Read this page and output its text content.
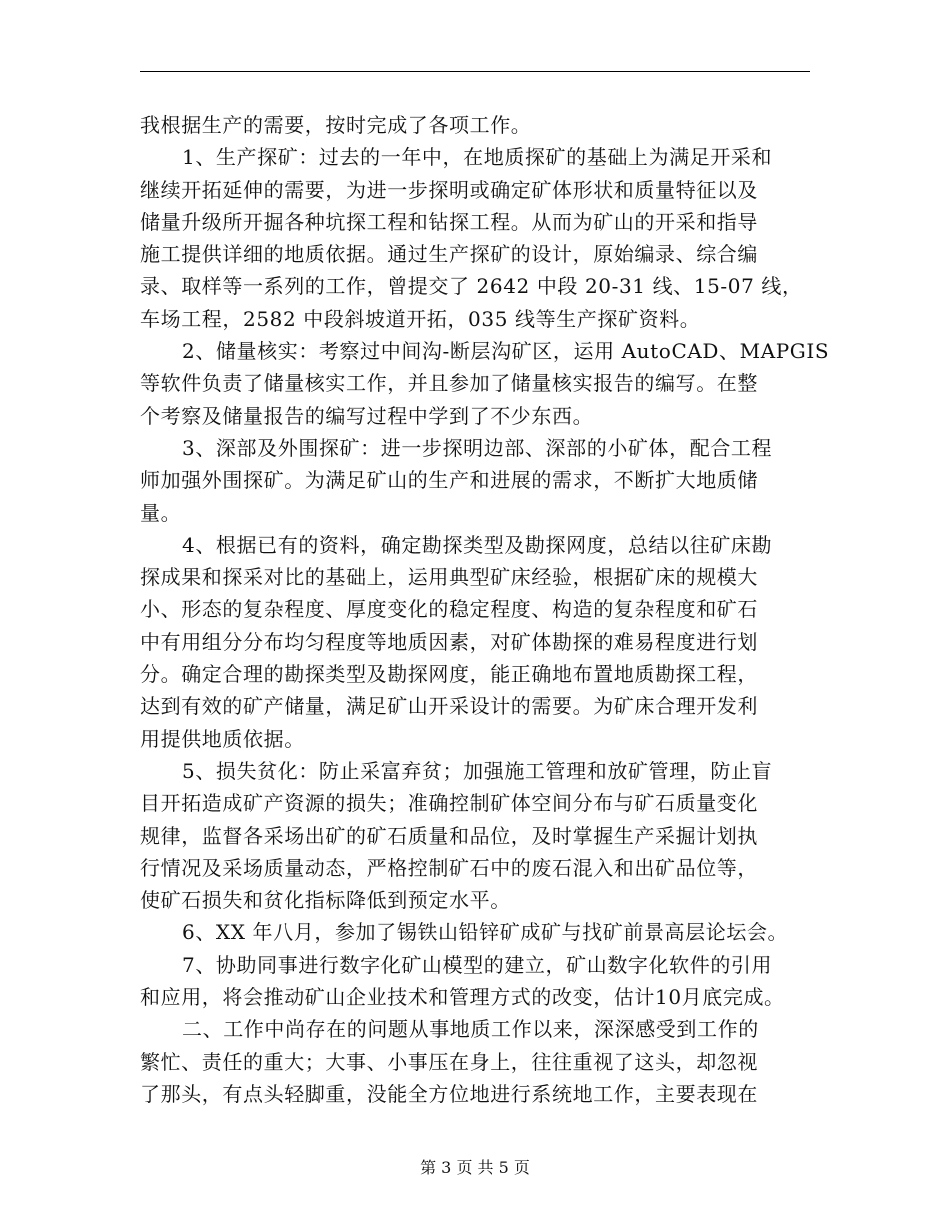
我根据生产的需要，按时完成了各项工作。
1、生产探矿：过去的一年中，在地质探矿的基础上为满足开采和
继续开拓延伸的需要，为进一步探明或确定矿体形状和质量特征以及
储量升级所开掘各种坑探工程和钻探工程。从而为矿山的开采和指导
施工提供详细的地质依据。通过生产探矿的设计，原始编录、综合编
录、取样等一系列的工作，曾提交了 2642 中段 20-31 线、15-07 线，
车场工程，2582 中段斜坡道开拓，035 线等生产探矿资料。
2、储量核实：考察过中间沟-断层沟矿区，运用 AutoCAD、MAPGIS
等软件负责了储量核实工作，并且参加了储量核实报告的编写。在整
个考察及储量报告的编写过程中学到了不少东西。
3、深部及外围探矿：进一步探明边部、深部的小矿体，配合工程
师加强外围探矿。为满足矿山的生产和进展的需求，不断扩大地质储
量。
4、根据已有的资料，确定勘探类型及勘探网度，总结以往矿床勘
探成果和探采对比的基础上，运用典型矿床经验，根据矿床的规模大
小、形态的复杂程度、厚度变化的稳定程度、构造的复杂程度和矿石
中有用组分分布均匀程度等地质因素，对矿体勘探的难易程度进行划
分。确定合理的勘探类型及勘探网度，能正确地布置地质勘探工程，
达到有效的矿产储量，满足矿山开采设计的需要。为矿床合理开发利
用提供地质依据。
5、损失贫化：防止采富弃贫；加强施工管理和放矿管理，防止盲
目开拓造成矿产资源的损失；准确控制矿体空间分布与矿石质量变化
规律，监督各采场出矿的矿石质量和品位，及时掌握生产采掘计划执
行情况及采场质量动态，严格控制矿石中的废石混入和出矿品位等，
使矿石损失和贫化指标降低到预定水平。
6、XX 年八月，参加了锡铁山铅锌矿成矿与找矿前景高层论坛会。
7、协助同事进行数字化矿山模型的建立，矿山数字化软件的引用
和应用，将会推动矿山企业技术和管理方式的改变，估计10月底完成。
二、工作中尚存在的问题从事地质工作以来，深深感受到工作的
繁忙、责任的重大；大事、小事压在身上，往往重视了这头，却忽视
了那头，有点头轻脚重，没能全方位地进行系统地工作，主要表现在
第 3 页 共 5 页
